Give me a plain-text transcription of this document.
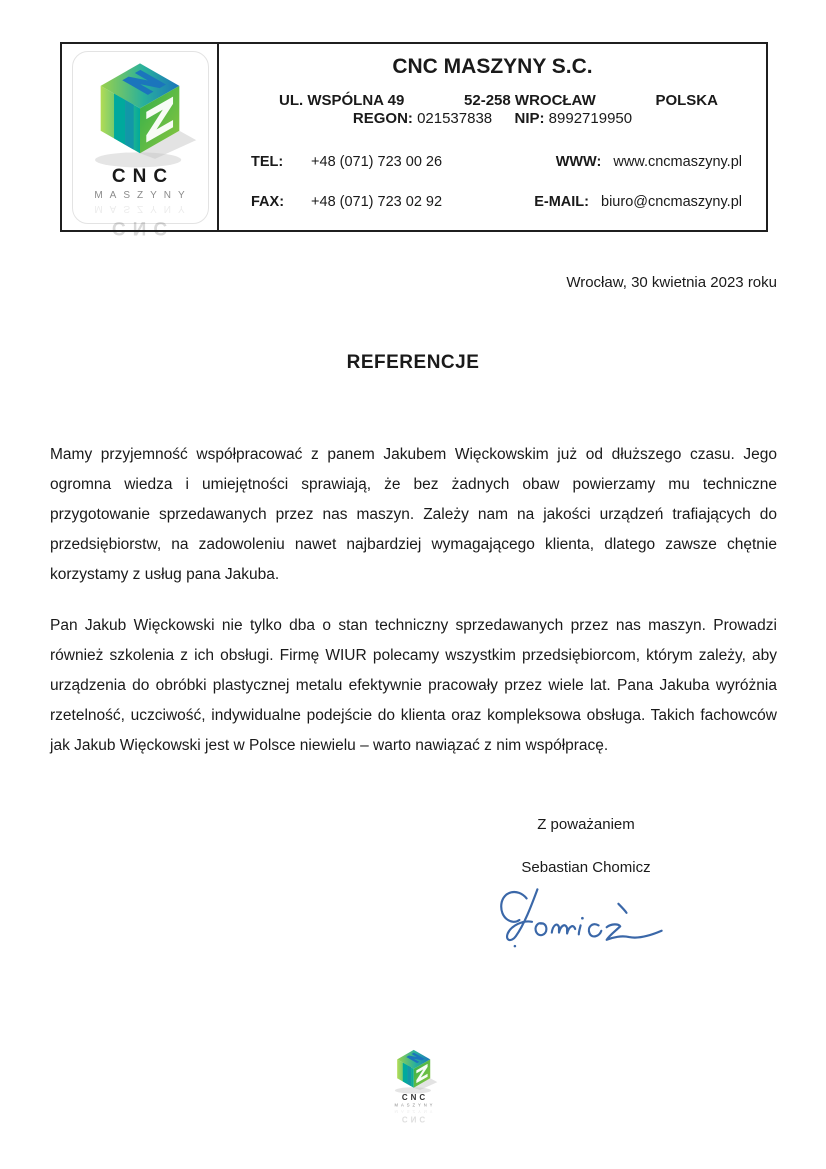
CNC
MASZYNY
CNC
MASZYNY
CNC MASZYNY S.C.
UL. WSPÓLNA 49	52-258 WROCŁAW	POLSKA
REGON: 021537838 NIP: 8992719950
TEL: +48 (071) 723 00 26	WWW: www.cncmaszyny.pl
FAX: +48 (071) 723 02 92	E-MAIL: biuro@cncmaszyny.pl
Wrocław, 30 kwietnia 2023 roku
REFERENCJE

Mamy przyjemność współpracować z panem Jakubem Więckowskim już od dłuższego czasu. Jego ogromna wiedza i umiejętności sprawiają, że bez żadnych obaw powierzamy mu techniczne przygotowanie sprzedawanych przez nas maszyn. Zależy nam na jakości urządzeń trafiających do przedsiębiorstw, na zadowoleniu nawet najbardziej wymagającego klienta, dlatego zawsze chętnie korzystamy z usług pana Jakuba.

Pan Jakub Więckowski nie tylko dba o stan techniczny sprzedawanych przez nas maszyn. Prowadzi również szkolenia z ich obsługi. Firmę WIUR polecamy wszystkim przedsiębiorcom, którym zależy, aby urządzenia do obróbki plastycznej metalu efektywnie pracowały przez wiele lat. Pana Jakuba wyróżnia rzetelność, uczciwość, indywidualne podejście do klienta oraz kompleksowa obsługa. Takich fachowców jak Jakub Więckowski jest w Polsce niewielu – warto nawiązać z nim współpracę.

Z poważaniem
Sebastian Chomicz
CNC
MASZYNY
CNC
MASZYNY
